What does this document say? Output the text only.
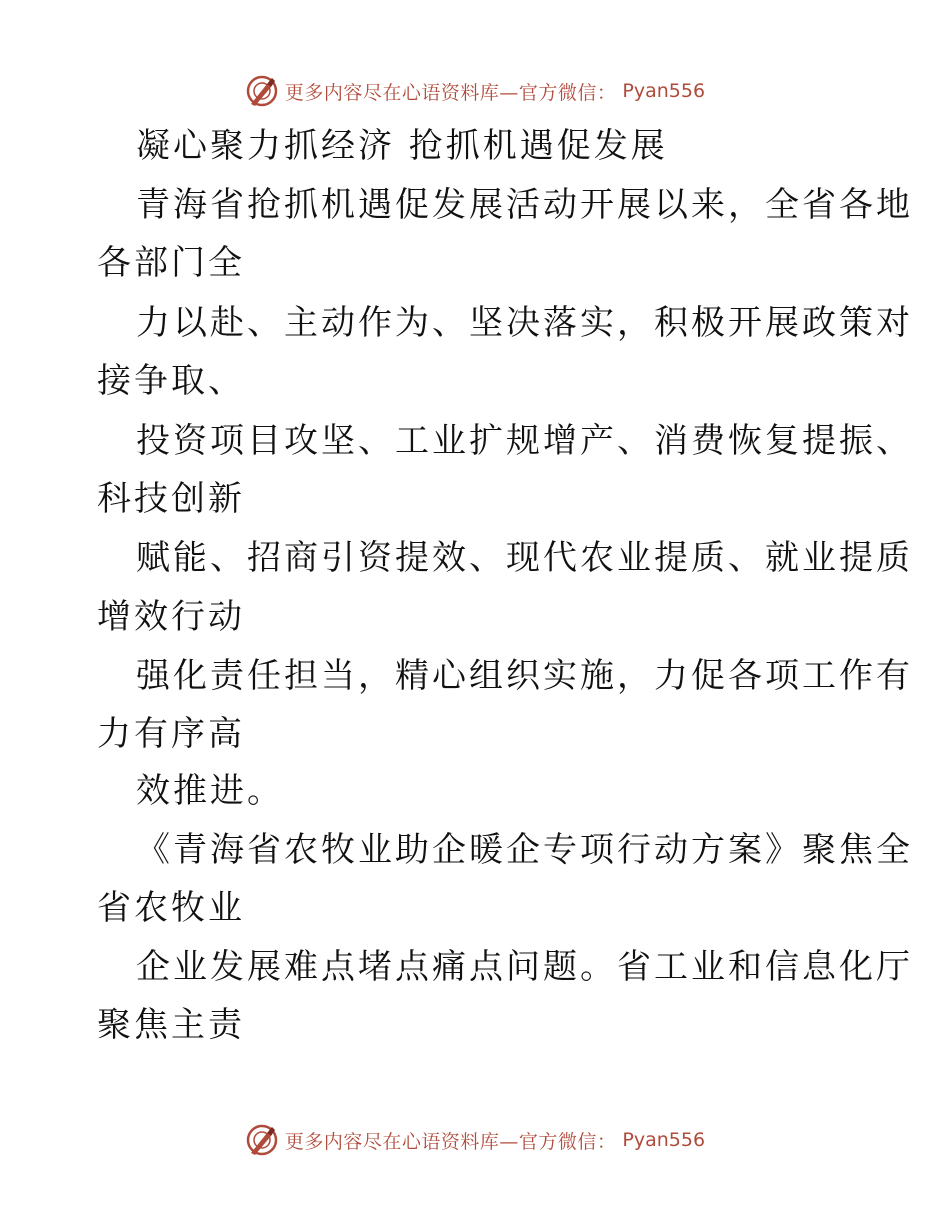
更多内容尽在心语资料库—官方微信： Pyan556
凝心聚力抓经济 抢抓机遇促发展
青海省抢抓机遇促发展活动开展以来，全省各地
各部门全
力以赴、主动作为、坚决落实，积极开展政策对
接争取、
投资项目攻坚、工业扩规增产、消费恢复提振、
科技创新
赋能、招商引资提效、现代农业提质、就业提质
增效行动
强化责任担当，精心组织实施，力促各项工作有
力有序高
效推进。
《青海省农牧业助企暖企专项行动方案》聚焦全
省农牧业
企业发展难点堵点痛点问题。省工业和信息化厅
聚焦主责
更多内容尽在心语资料库—官方微信： Pyan556
